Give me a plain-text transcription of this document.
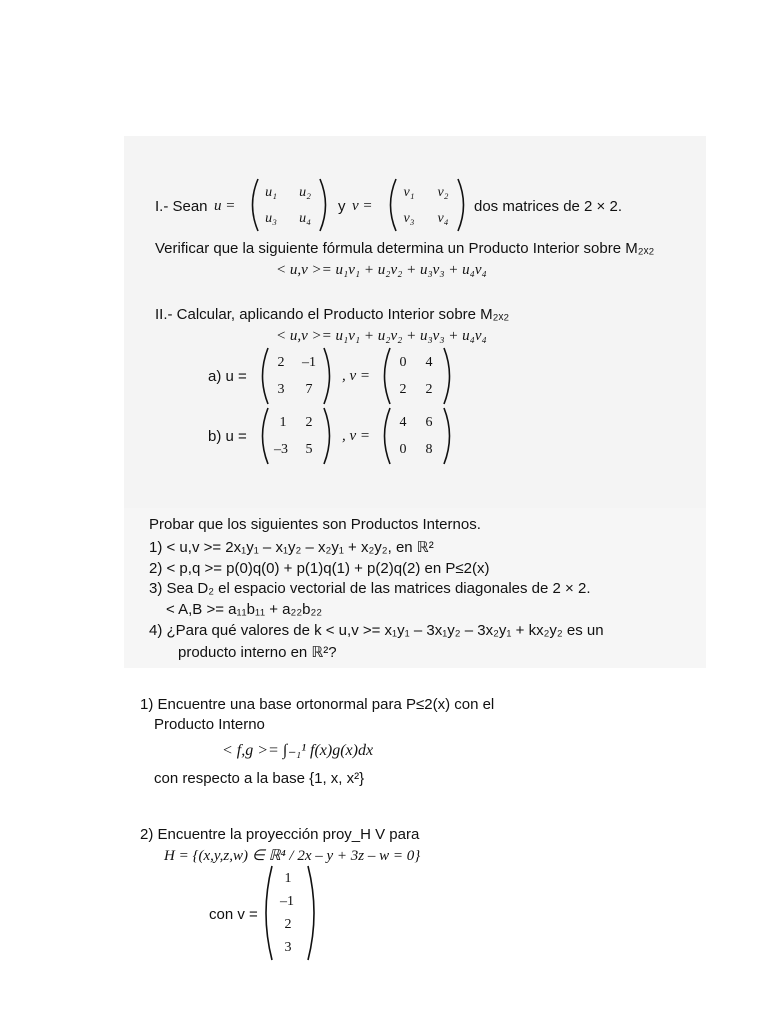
I.- Sean u =
u₁	u₂
u₃	u₄
y v =
v₁	v₂
v₃	v₄
dos matrices de 2 × 2.
Verificar que la siguiente fórmula determina un Producto Interior sobre M₂ₓ₂
< u,v >= u₁v₁ + u₂v₂ + u₃v₃ + u₄v₄
II.- Calcular, aplicando el Producto Interior sobre M₂ₓ₂
< u,v >= u₁v₁ + u₂v₂ + u₃v₃ + u₄v₄
a) u =
2	–1
3	7
, v =
0	4
2	2
b) u =
1	2
–3	5
, v =
4	6
0	8
Probar que los siguientes son Productos Internos.
1) < u,v >= 2x₁y₁ – x₁y₂ – x₂y₁ + x₂y₂, en ℝ²
2) < p,q >= p(0)q(0) + p(1)q(1) + p(2)q(2) en P≤2(x)
3) Sea D₂ el espacio vectorial de las matrices diagonales de 2 × 2.
< A,B >= a₁₁b₁₁ + a₂₂b₂₂
4) ¿Para qué valores de k < u,v >= x₁y₁ – 3x₁y₂ – 3x₂y₁ + kx₂y₂ es un
producto interno en ℝ²?
1) Encuentre una base ortonormal para P≤2(x) con el
Producto Interno
< f,g >= ∫₋₁¹ f(x)g(x)dx
con respecto a la base {1, x, x²}
2) Encuentre la proyección proy_H V para
H = {(x,y,z,w) ∈ ℝ⁴ / 2x – y + 3z – w = 0}
con v =
1
–1
2
3
